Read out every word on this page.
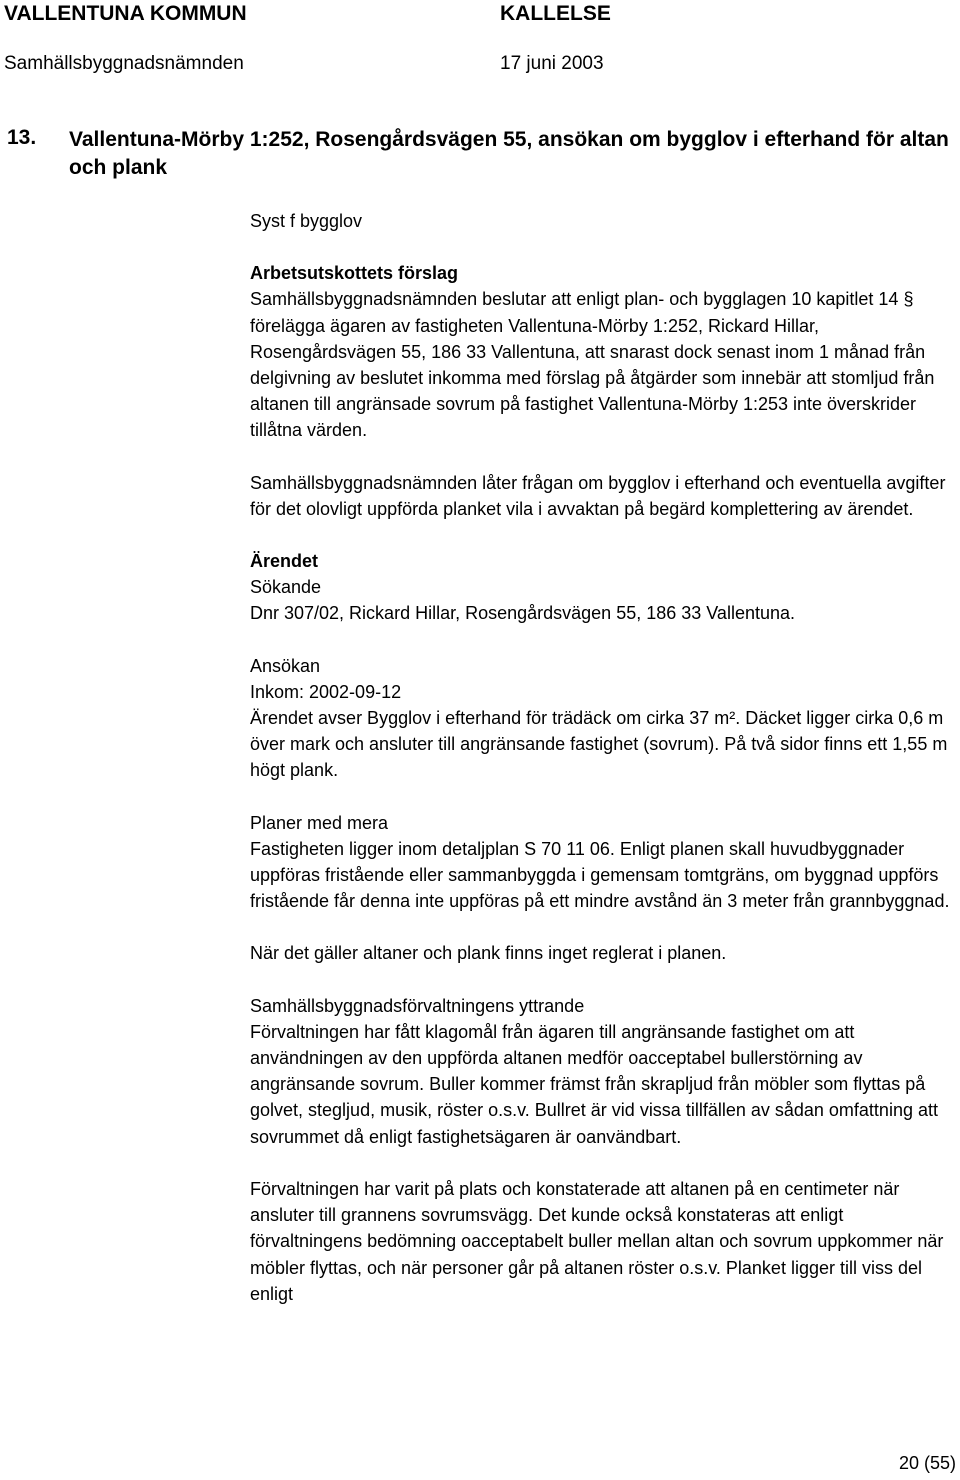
VALLENTUNA KOMMUN	KALLELSE
Samhällsbyggnadsnämnden	17 juni 2003
13. Vallentuna-Mörby 1:252, Rosengårdsvägen 55, ansökan om bygglov i efterhand för altan och plank

Syst f bygglov

Arbetsutskottets förslag

Samhällsbyggnadsnämnden beslutar att enligt plan- och bygglagen 10 kapitlet 14 § förelägga ägaren av fastigheten Vallentuna-Mörby 1:252, Rickard Hillar, Rosengårdsvägen 55, 186 33 Vallentuna, att snarast dock senast inom 1 månad från delgivning av beslutet inkomma med förslag på åtgärder som innebär att stomljud från altanen till angränsade sovrum på fastighet Vallentuna-Mörby 1:253 inte överskrider tillåtna värden.

Samhällsbyggnadsnämnden låter frågan om bygglov i efterhand och eventuella avgifter för det olovligt uppförda planket vila i avvaktan på begärd komplettering av ärendet.

Ärendet

Sökande

Dnr 307/02, Rickard Hillar, Rosengårdsvägen 55, 186 33 Vallentuna.

Ansökan

Inkom: 2002-09-12

Ärendet avser Bygglov i efterhand för trädäck om cirka 37 m². Däcket ligger cirka 0,6 m över mark och ansluter till angränsande fastighet (sovrum). På två sidor finns ett 1,55 m högt plank.

Planer med mera

Fastigheten ligger inom detaljplan S 70 11 06. Enligt planen skall huvudbyggnader uppföras fristående eller sammanbyggda i gemensam tomtgräns, om byggnad uppförs fristående får denna inte uppföras på ett mindre avstånd än 3 meter från grannbyggnad.

När det gäller altaner och plank finns inget reglerat i planen.

Samhällsbyggnadsförvaltningens yttrande

Förvaltningen har fått klagomål från ägaren till angränsande fastighet om att användningen av den uppförda altanen medför oacceptabel bullerstörning av angränsande sovrum. Buller kommer främst från skrapljud från möbler som flyttas på golvet, stegljud, musik, röster o.s.v. Bullret är vid vissa tillfällen av sådan omfattning att sovrummet då enligt fastighetsägaren är oanvändbart.

Förvaltningen har varit på plats och konstaterade att altanen på en centimeter när ansluter till grannens sovrumsvägg. Det kunde också konstateras att enligt förvaltningens bedömning oacceptabelt buller mellan altan och sovrum uppkommer när möbler flyttas, och när personer går på altanen röster o.s.v. Planket ligger till viss del enligt

20 (55)
